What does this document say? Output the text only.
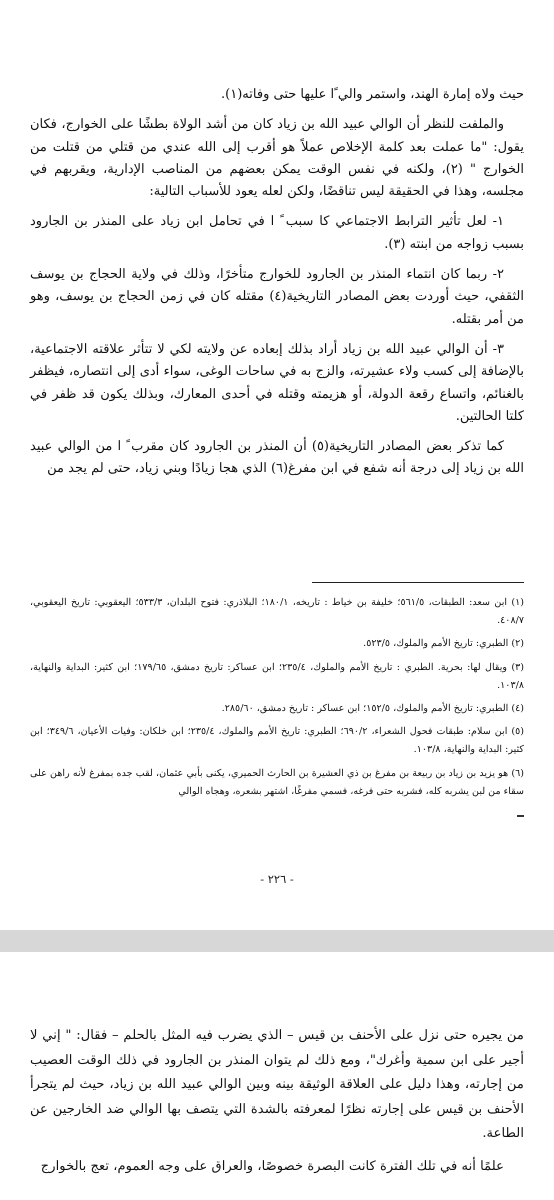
حيث ولاه إمارة الهند، واستمر والي ًا عليها حتى وفاته(١).

والملفت للنظر أن الوالي عبيد الله بن زياد كان من أشد الولاة بطشًا على الخوارج، فكان يقول: "ما عملت بعد كلمة الإخلاص عملاً هو أقرب إلى الله عندي من قتلي من قتلت من الخوارج " (٢)، ولكنه في نفس الوقت يمكن بعضهم من المناصب الإدارية، ويقربهم في مجلسه، وهذا في الحقيقة ليس تناقضًا، ولكن لعله يعود للأسباب التالية:

١- لعل تأثير الترابط الاجتماعي كا سبب ً ا في تحامل ابن زياد على المنذر بن الجارود بسبب زواجه من ابنته (٣).

٢- ربما كان انتماء المنذر بن الجارود للخوارج متأخرًا، وذلك في ولاية الحجاج بن يوسف الثقفي، حيث أوردت بعض المصادر التاريخية(٤) مقتله كان في زمن الحجاج بن يوسف، وهو من أمر بقتله.

٣- أن الوالي عبيد الله بن زياد أراد بذلك إبعاده عن ولايته لكي لا تتأثر علاقته الاجتماعية، بالإضافة إلى كسب ولاء عشيرته، والزج به في ساحات الوغى، سواء أدى إلى انتصاره، فيظفر بالغنائم، واتساع رقعة الدولة، أو هزيمته وقتله في أحدى المعارك، وبذلك يكون قد ظفر في كلتا الحالتين.

كما تذكر بعض المصادر التاريخية(٥) أن المنذر بن الجارود كان مقرب ً ا من الوالي عبيد الله بن زياد إلى درجة أنه شفع في ابن مفرغ(٦) الذي هجا زيادًا وبني زياد، حتى لم يجد من

(١) ابن سعد: الطبقات، ٥٦١/٥؛ خليفة بن خياط : تاريخه، ١٨٠/١؛ البلاذري: فتوح البلدان، ٥٣٣/٣؛ اليعقوبي: تاريخ اليعقوبي، ٤٠٨/٧.
(٢) الطبري: تاريخ الأمم والملوك، ٥٢٣/٥.
(٣) ويقال لها: بحرية. الطبري : تاريخ الأمم والملوك، ٢٣٥/٤؛ ابن عساكر: تاريخ دمشق، ١٧٩/٦٥؛ ابن كثير: البداية والنهاية، ١٠٣/٨.
(٤) الطبري: تاريخ الأمم والملوك، ١٥٢/٥؛ ابن عساكر : تاريخ دمشق، ٢٨٥/٦٠.
(٥) ابن سلام: طبقات فحول الشعراء، ٦٩٠/٢؛ الطبري: تاريخ الأمم والملوك، ٢٣٥/٤؛ ابن خلكان: وفيات الأعيان، ٣٤٩/٦؛ ابن كثير: البداية والنهاية، ١٠٣/٨.
(٦) هو يزيد بن زياد بن ربيعة بن مفرغ بن ذي العشيرة بن الحارث الحميري، يكنى بأبي عثمان، لقب جده بمفرغ لأنه راهن على سقاء من لبن يشربه كله، فشربه حتى فرغه، فسمي مفرغًا، اشتهر بشعره، وهجاه الوالي
- ٢٢٦ -

من يجيره حتى نزل على الأحنف بن قيس – الذي يضرب فيه المثل بالحلم – فقال: " إني لا أجير على ابن سمية وأغرك"، ومع ذلك لم يتوان المنذر بن الجارود في ذلك الوقت العصيب من إجارته، وهذا دليل على العلاقة الوثيقة بينه وبين الوالي عبيد الله بن زياد، حيث لم يتجرأ الأحنف بن قيس على إجارته نظرًا لمعرفته بالشدة التي يتصف بها الوالي ضد الخارجين عن الطاعة.

علمًا أنه في تلك الفترة كانت البصرة خصوصًا، والعراق على وجه العموم، تعج بالخوارج
